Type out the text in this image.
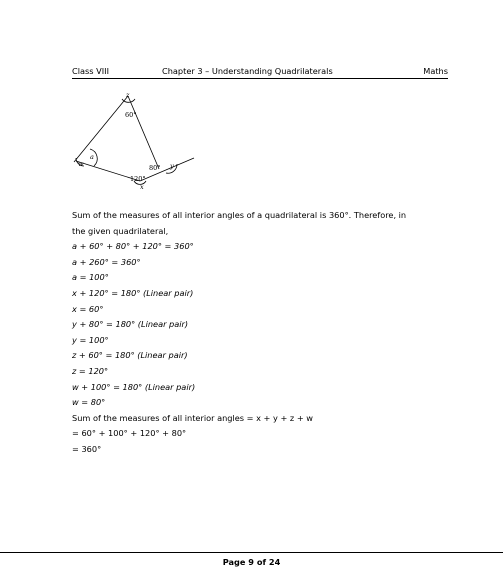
Class VIII	Chapter 3 – Understanding Quadrilaterals	Maths
z
60°
a
w	80° y
120°
x
Sum of the measures of all interior angles of a quadrilateral is 360°. Therefore, in
the given quadrilateral,
a + 60° + 80° + 120° = 360°
a + 260° = 360°
a = 100°
x + 120° = 180° (Linear pair)
x = 60°
y + 80° = 180° (Linear pair)
y = 100°
z + 60° = 180° (Linear pair)
z = 120°
w + 100° = 180° (Linear pair)
w = 80°
Sum of the measures of all interior angles = x + y + z + w
= 60° + 100° + 120° + 80°
= 360°
Page 9 of 24
